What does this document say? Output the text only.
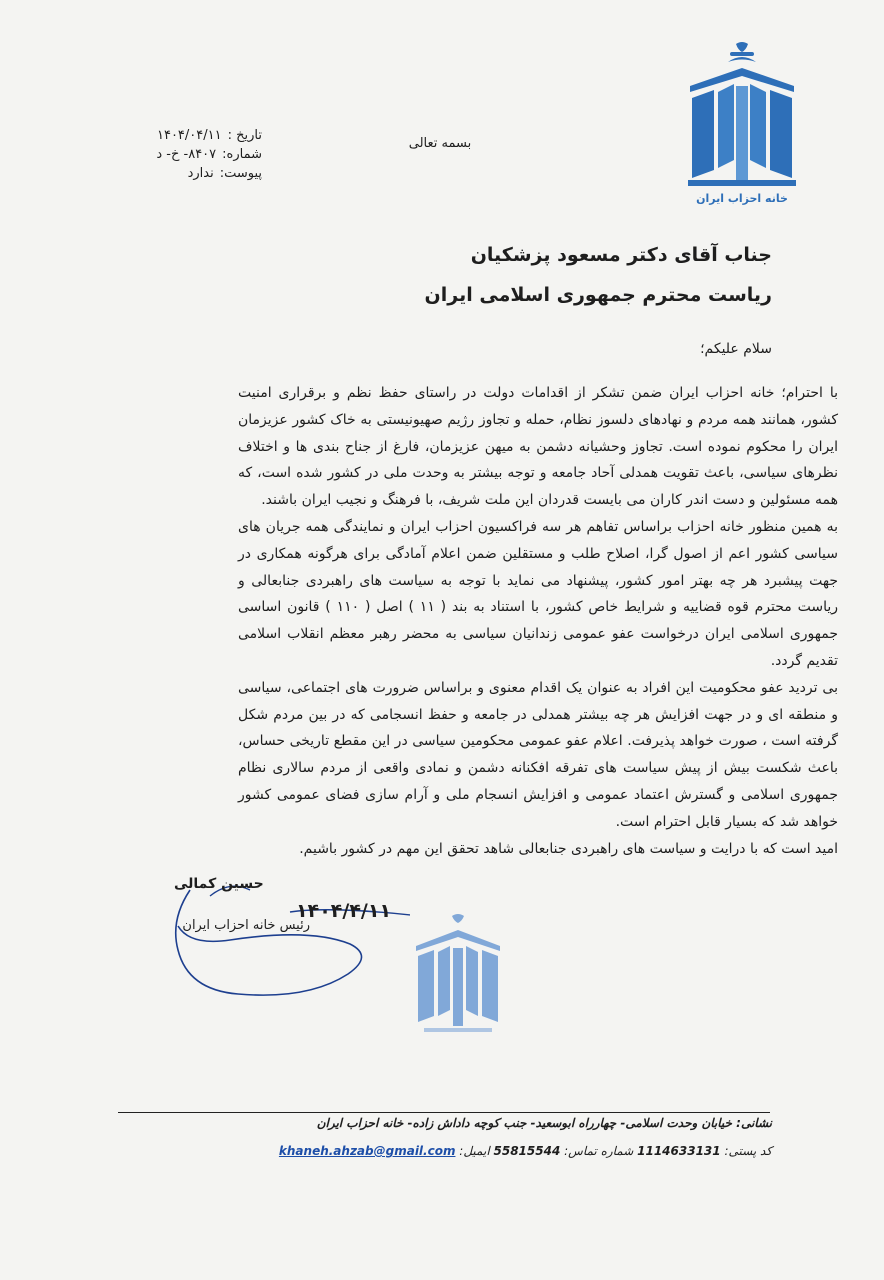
خانه احزاب ایران
بسمه تعالی
تاریخ :
۱۴۰۴/۰۴/۱۱
شماره:
۸۴۰۷- خ- د
پیوست:
ندارد
جناب آقای دکتر مسعود پزشکیان
ریاست محترم جمهوری اسلامی ایران
سلام علیکم؛

با احترام؛ خانه احزاب ایران ضمن تشکر از اقدامات دولت در راستای حفظ نظم و برقراری امنیت کشور، همانند همه مردم و نهادهای دلسوز نظام، حمله و تجاوز رژیم صهیونیستی به خاک کشور عزیزمان ایران را محکوم نموده است. تجاوز وحشیانه دشمن به میهن عزیزمان، فارغ از جناح بندی ها و اختلاف نظرهای سیاسی، باعث تقویت همدلی آحاد جامعه و توجه بیشتر به وحدت ملی در کشور شده است، که همه مسئولین و دست اندر کاران می بایست قدردان این ملت شریف، با فرهنگ و نجیب ایران باشند.

به همین منظور خانه احزاب براساس تفاهم هر سه فراکسیون احزاب ایران و نمایندگی همه جریان های سیاسی کشور اعم از اصول گرا، اصلاح طلب و مستقلین ضمن اعلام آمادگی برای هرگونه همکاری در جهت پیشبرد هر چه بهتر امور کشور، پیشنهاد می نماید با توجه به سیاست های راهبردی جنابعالی و ریاست محترم قوه قضاییه و شرایط خاص کشور، با استناد به بند ( ۱۱ ) اصل ( ۱۱۰ ) قانون اساسی جمهوری اسلامی ایران درخواست عفو عمومی زندانیان سیاسی به محضر رهبر معظم انقلاب اسلامی تقدیم گردد.

بی تردید عفو محکومیت این افراد به عنوان یک اقدام معنوی و براساس ضرورت های اجتماعی، سیاسی و منطقه ای و در جهت افزایش هر چه بیشتر همدلی در جامعه و حفظ انسجامی که در بین مردم شکل گرفته است ، صورت خواهد پذیرفت. اعلام عفو عمومی محکومین سیاسی در این مقطع تاریخی حساس، باعث شکست بیش از پیش سیاست های تفرقه افکنانه دشمن و نمادی واقعی از مردم سالاری نظام جمهوری اسلامی و گسترش اعتماد عمومی و افزایش انسجام ملی و آرام سازی فضای عمومی کشور خواهد شد که بسیار قابل احترام است.

امید است که با درایت و سیاست های راهبردی جنابعالی شاهد تحقق این مهم در کشور باشیم.

حسین کمالی
۱۴۰۴/۴/۱۱
رئیس خانه احزاب ایران
نشانی: خیابان وحدت اسلامی- چهارراه ابوسعید- جنب کوچه داداش زاده- خانه احزاب ایران
کد پستی: 1114633131 شماره تماس: 55815544 ایمیل: khaneh.ahzab@gmail.com
